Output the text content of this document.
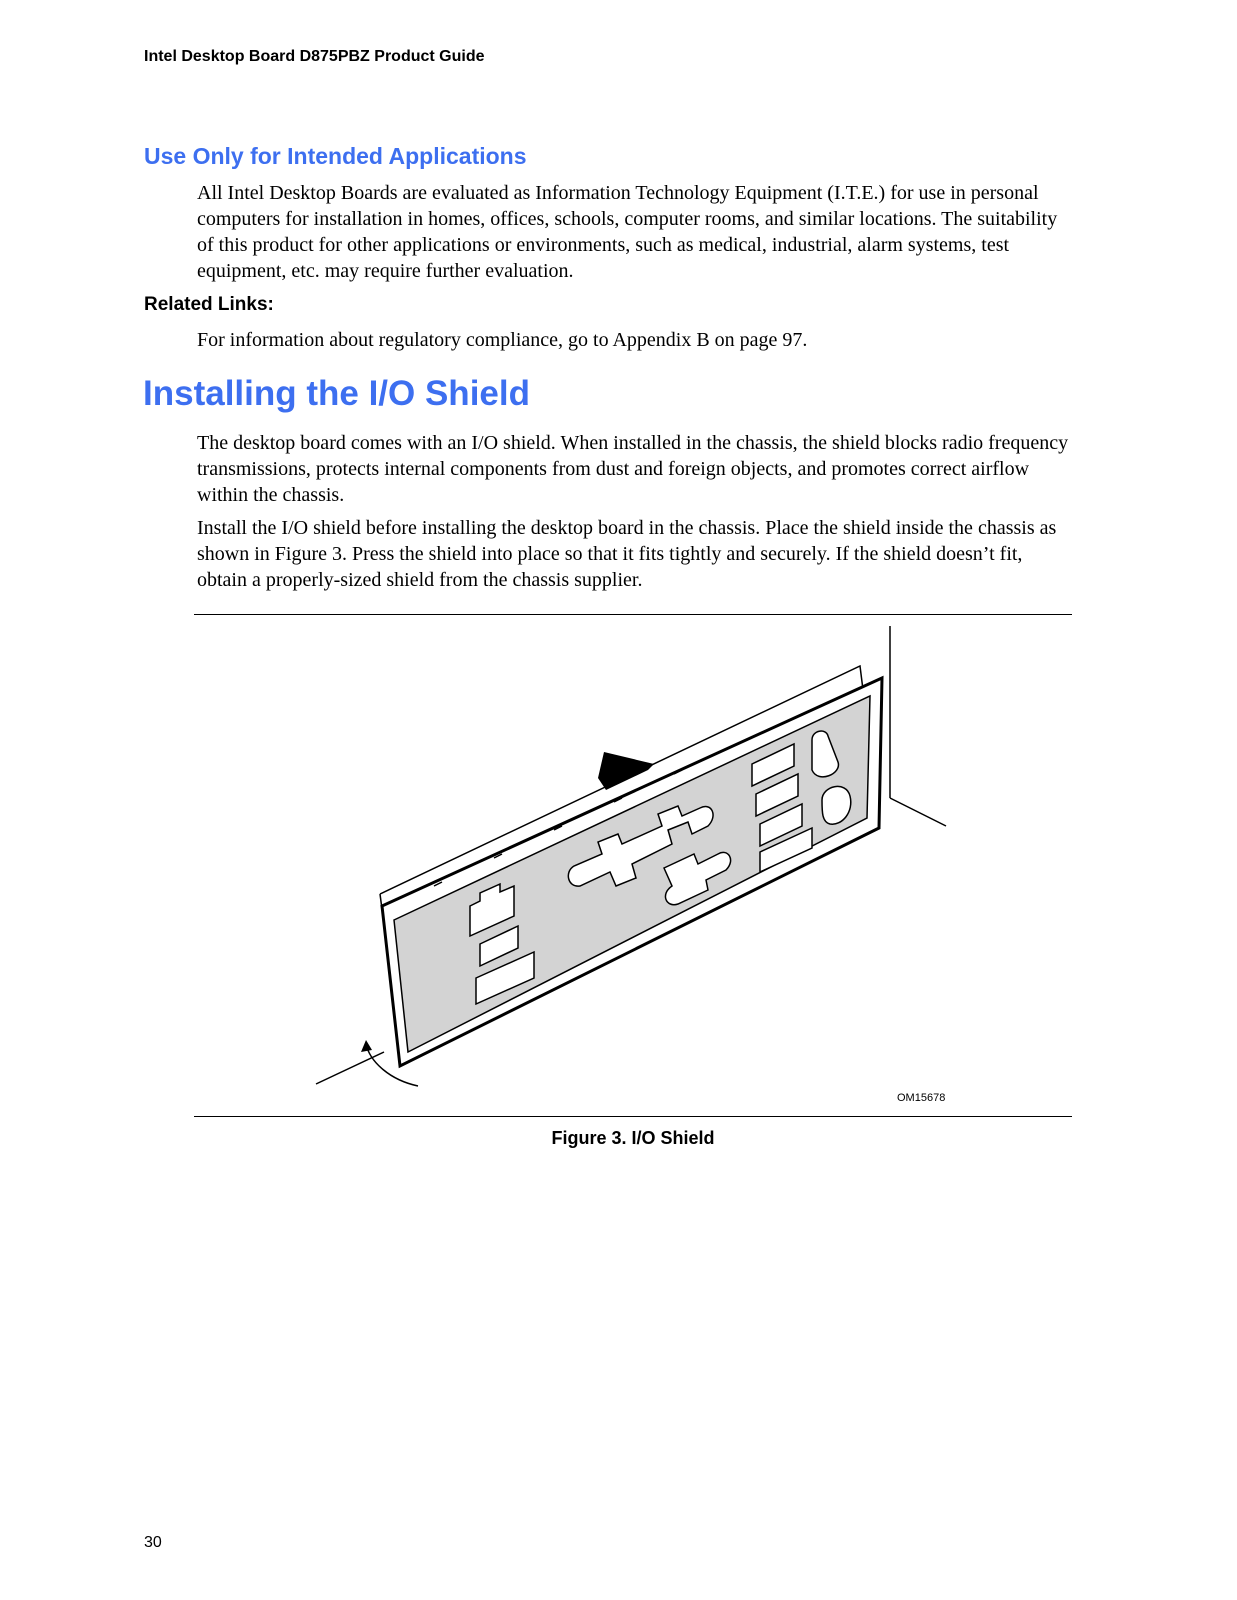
Intel Desktop Board D875PBZ Product Guide
Use Only for Intended Applications

All Intel Desktop Boards are evaluated as Information Technology Equipment (I.T.E.) for use in personal computers for installation in homes, offices, schools, computer rooms, and similar locations. The suitability of this product for other applications or environments, such as medical, industrial, alarm systems, test equipment, etc. may require further evaluation.

Related Links:

For information about regulatory compliance, go to Appendix B on page 97.

Installing the I/O Shield

The desktop board comes with an I/O shield. When installed in the chassis, the shield blocks radio frequency transmissions, protects internal components from dust and foreign objects, and promotes correct airflow within the chassis.

Install the I/O shield before installing the desktop board in the chassis. Place the shield inside the chassis as shown in Figure 3. Press the shield into place so that it fits tightly and securely. If the shield doesn’t fit, obtain a properly-sized shield from the chassis supplier.

OM15678
Figure 3. I/O Shield
30
